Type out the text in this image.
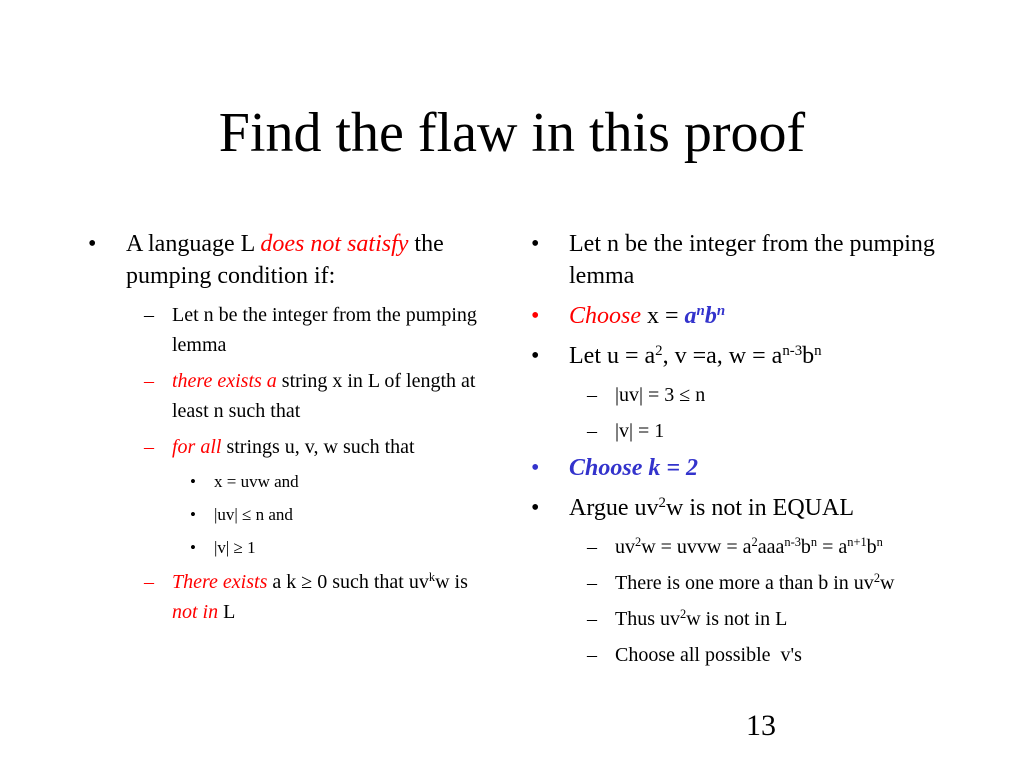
Find the flaw in this proof
•	A language L does not satisfy the pumping condition if:
– Let n be the integer from the pumping lemma
– there exists a string x in L of length at least n such that
– for all strings u, v, w such that
•	x = uvw and
•	|uv| ≤ n and
•	|v| ≥ 1
– There exists a k ≥ 0 such that $uv^kw$ is not in L
•	Let n be the integer from the pumping lemma
•	Choose $x = a^nb^n$
•	Let $u = a^2$, v =a, $w = a^{n-3}b^n$
– |uv| = 3 ≤ n
– |v| = 1
•	Choose k = 2
•	Argue $uv^2w$ is not in EQUAL
– $uv^2w$ = uvvw = $a^2aaa^{n-3}b^n = a^{n+1}b^n$
– There is one more a than b in $uv^2w$
– Thus $uv^2w$ is not in L
– Choose all possible  v's
13
